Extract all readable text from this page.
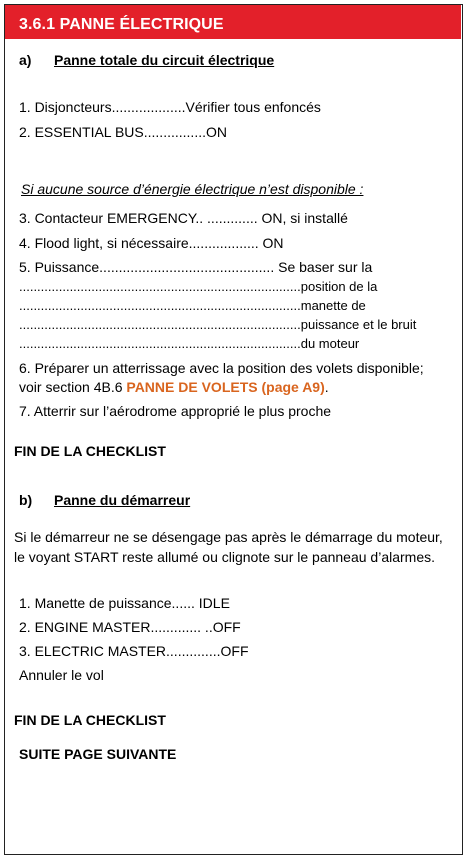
3.6.1 PANNE ÉLECTRIQUE
a) Panne totale du circuit électrique
1. Disjoncteurs...................Vérifier tous enfoncés
2. ESSENTIAL BUS................ON
Si aucune source d’énergie électrique n’est disponible :
3. Contacteur EMERGENCY.. ............. ON, si installé
4. Flood light, si nécessaire.................. ON
5. Puissance............................................. Se baser sur la
..............................................................................position de la
..............................................................................manette de
..............................................................................puissance et le bruit
..............................................................................du moteur
6. Préparer un atterrissage avec la position des volets disponible;
voir section 4B.6 PANNE DE VOLETS (page A9).
7. Atterrir sur l’aérodrome approprié le plus proche
FIN DE LA CHECKLIST
b) Panne du démarreur
Si le démarreur ne se désengage pas après le démarrage du moteur,
le voyant START reste allumé ou clignote sur le panneau d’alarmes.
1. Manette de puissance...... IDLE
2. ENGINE MASTER............. ..OFF
3. ELECTRIC MASTER..............OFF
Annuler le vol
FIN DE LA CHECKLIST
SUITE PAGE SUIVANTE
